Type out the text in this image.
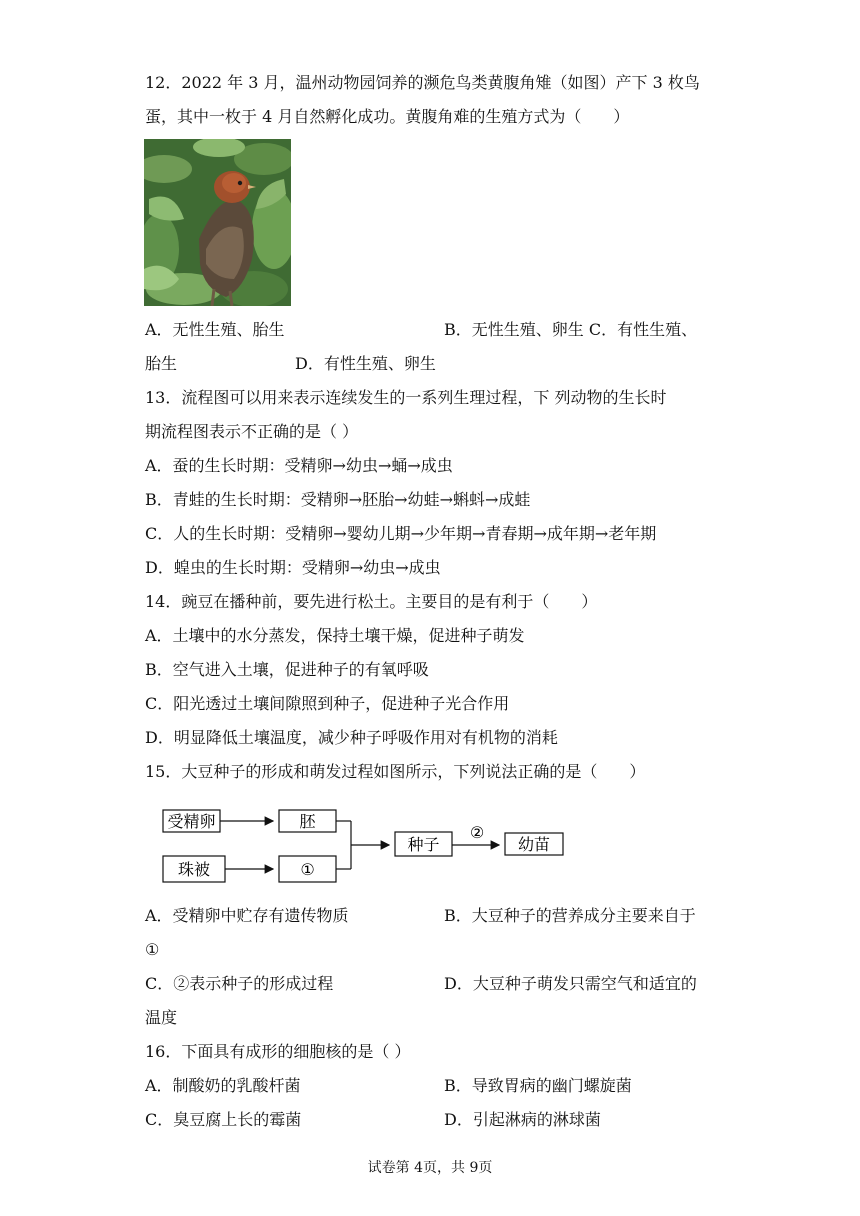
12．2022 年 3 月，温州动物园饲养的濒危鸟类黄腹角雉（如图）产下 3 枚鸟
蛋，其中一枚于 4 月自然孵化成功。黄腹角难的生殖方式为（　　）
A．无性生殖、胎生	B．无性生殖、卵生 C．有性生殖、
胎生	D．有性生殖、卵生
13．流程图可以用来表示连续发生的一系列生理过程，下 列动物的生长时
期流程图表示不正确的是（ ）
A．蚕的生长时期：受精卵→幼虫→蛹→成虫
B．青蛙的生长时期：受精卵→胚胎→幼蛙→蝌蚪→成蛙
C．人的生长时期：受精卵→婴幼儿期→少年期→青春期→成年期→老年期
D．蝗虫的生长时期：受精卵→幼虫→成虫
14．豌豆在播种前，要先进行松土。主要目的是有利于（　　）
A．土壤中的水分蒸发，保持土壤干燥，促进种子萌发
B．空气进入土壤，促进种子的有氧呼吸
C．阳光透过土壤间隙照到种子，促进种子光合作用
D．明显降低土壤温度，减少种子呼吸作用对有机物的消耗
15．大豆种子的形成和萌发过程如图所示，下列说法正确的是（　　）
受精卵	胚
珠被	①
种子
②
幼苗
A．受精卵中贮存有遗传物质	B．大豆种子的营养成分主要来自于
①
C．②表示种子的形成过程	D．大豆种子萌发只需空气和适宜的
温度
16．下面具有成形的细胞核的是（ ）
A．制酸奶的乳酸杆菌	B．导致胃病的幽门螺旋菌
C．臭豆腐上长的霉菌	D．引起淋病的淋球菌
试卷第 4页，共 9页
